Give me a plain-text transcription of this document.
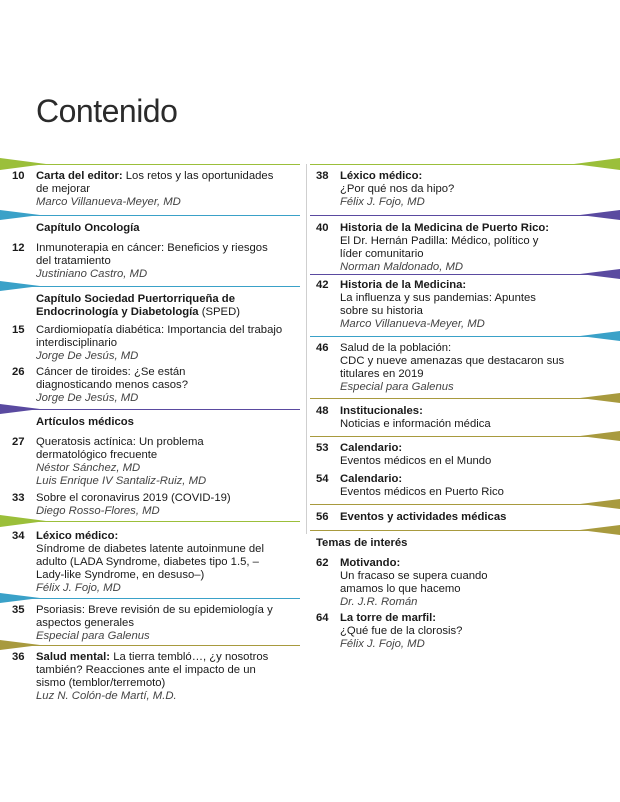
Contenido
10 Carta del editor: Los retos y las oportunidades de mejorar
Marco Villanueva-Meyer, MD
Capítulo Oncología
12 Inmunoterapia en cáncer: Beneficios y riesgos del tratamiento
Justiniano Castro, MD
Capítulo Sociedad Puertorriqueña de Endocrinología y Diabetología (SPED)
15 Cardiomiopatía diabética: Importancia del trabajo interdisciplinario
Jorge De Jesús, MD
26 Cáncer de tiroides: ¿Se están diagnosticando menos casos?
Jorge De Jesús, MD
Artículos médicos
27 Queratosis actínica: Un problema dermatológico frecuente
Néstor Sánchez, MD
Luis Enrique IV Santaliz-Ruiz, MD
33 Sobre el coronavirus 2019 (COVID-19)
Diego Rosso-Flores, MD
34 Léxico médico:
Síndrome de diabetes latente autoinmune del adulto (LADA Syndrome, diabetes tipo 1.5, – Lady-like Syndrome, en desuso–)
Félix J. Fojo, MD
35 Psoriasis: Breve revisión de su epidemiología y aspectos generales
Especial para Galenus
36 Salud mental: La tierra tembló…, ¿y nosotros también? Reacciones ante el impacto de un sismo (temblor/terremoto)
Luz N. Colón-de Martí, M.D.
38 Léxico médico:
¿Por qué nos da hipo?
Félix J. Fojo, MD
40 Historia de la Medicina de Puerto Rico:
El Dr. Hernán Padilla: Médico, político y líder comunitario
Norman Maldonado, MD
42 Historia de la Medicina:
La influenza y sus pandemias: Apuntes sobre su historia
Marco Villanueva-Meyer, MD
46 Salud de la población:
CDC y nueve amenazas que destacaron sus titulares en 2019
Especial para Galenus
48 Institucionales:
Noticias e información médica
53 Calendario:
Eventos médicos en el Mundo
54 Calendario:
Eventos médicos en Puerto Rico
56 Eventos y actividades médicas
Temas de interés
62 Motivando:
Un fracaso se supera cuando amamos lo que hacemo
Dr. J.R. Román
64 La torre de marfil:
¿Qué fue de la clorosis?
Félix J. Fojo, MD
